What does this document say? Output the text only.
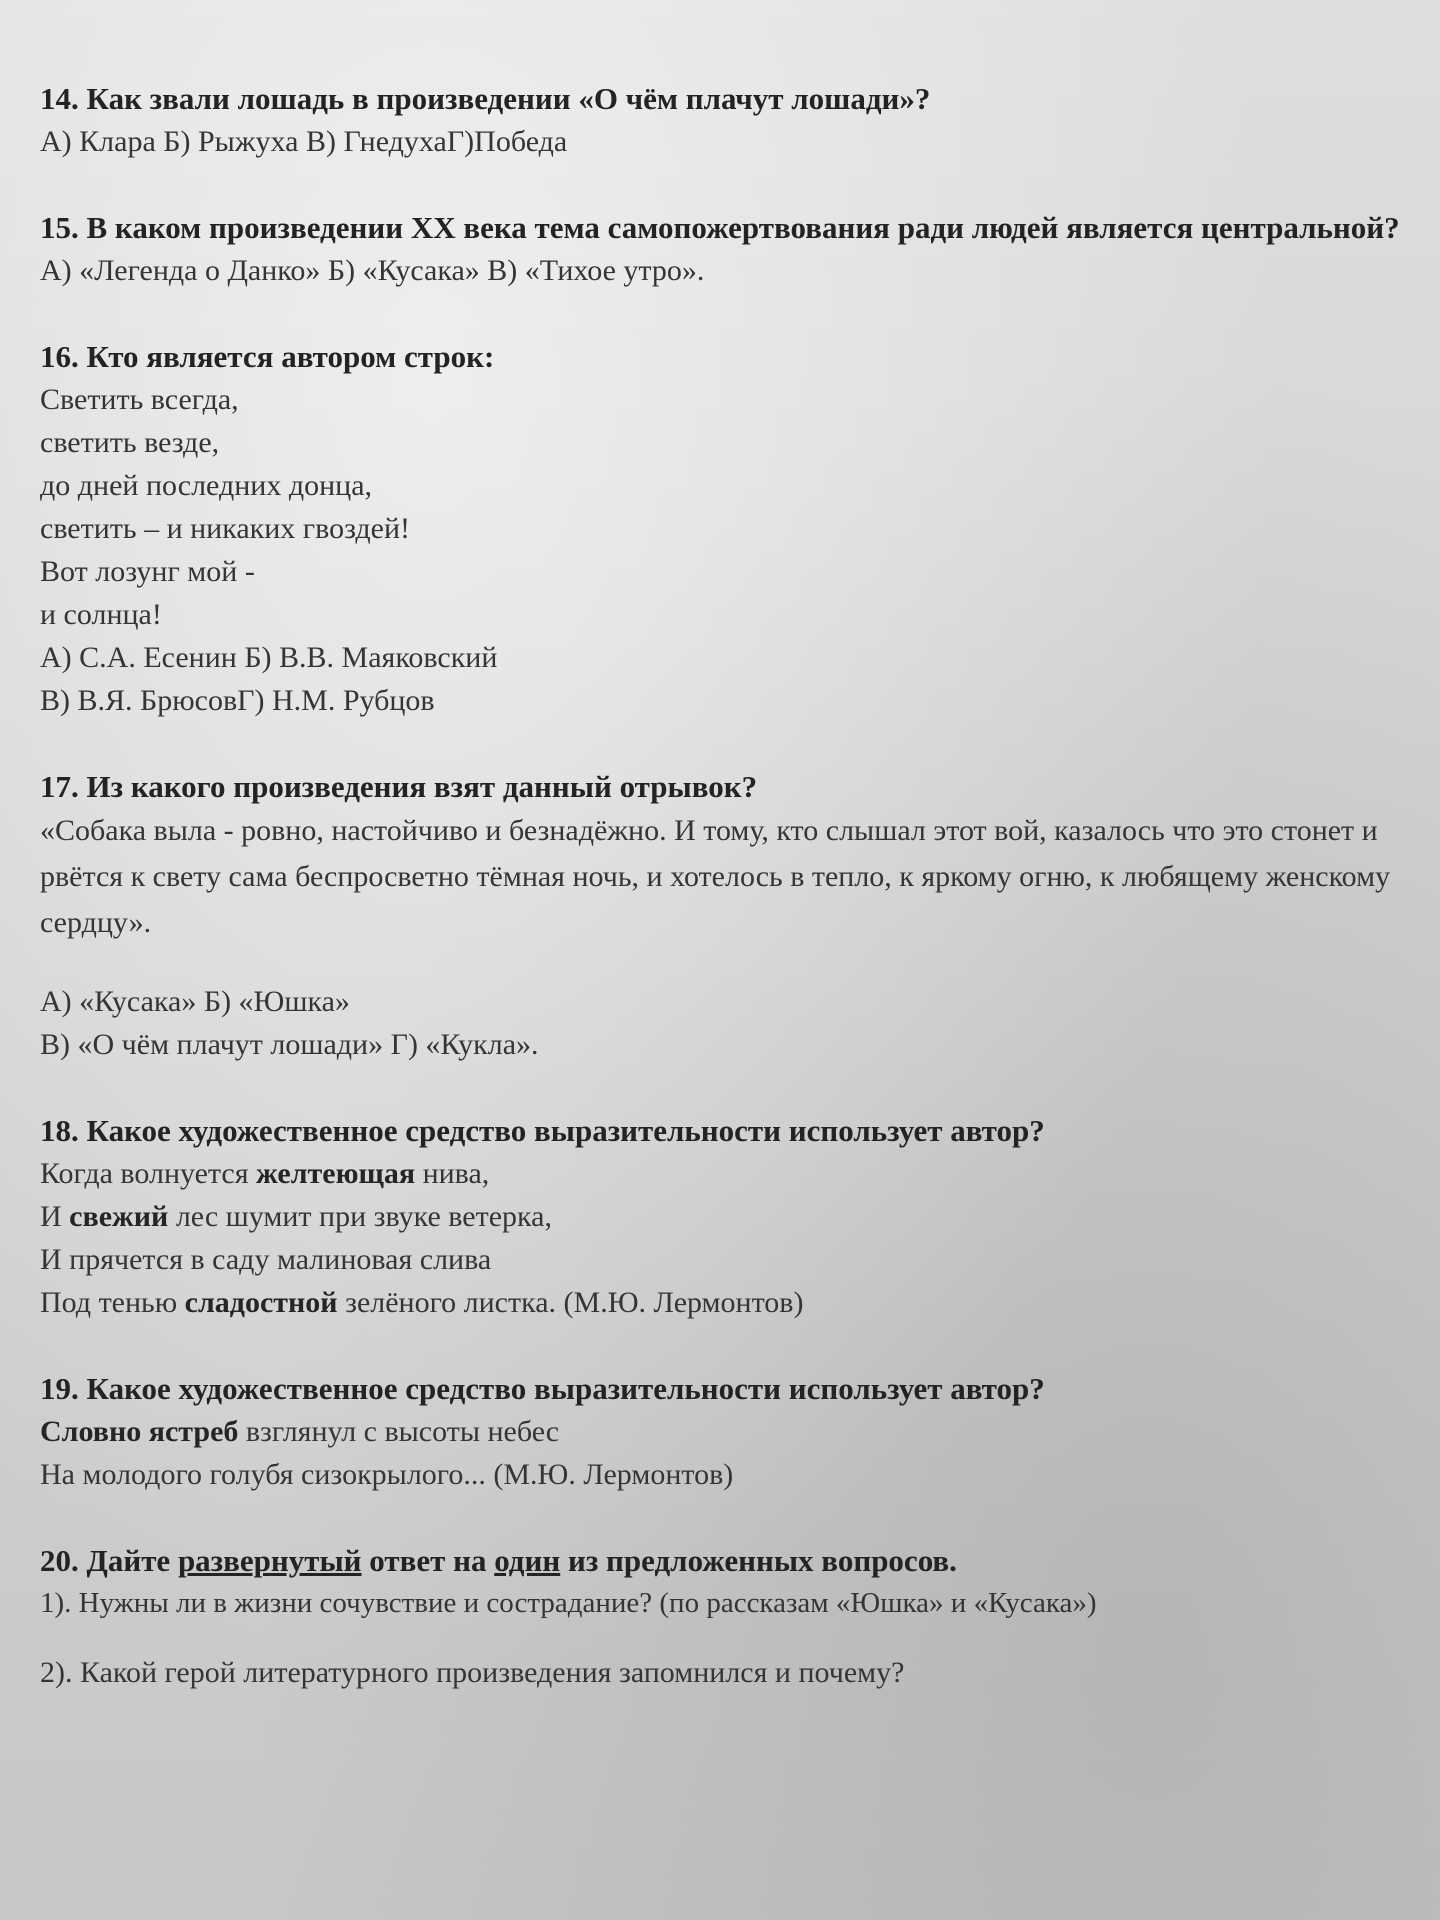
14. Как звали лошадь в произведении «О чём плачут лошади»?

А) Клара Б) Рыжуха В) ГнедухаГ)Победа

15. В каком произведении XX века тема самопожертвования ради людей является центральной?

А) «Легенда о Данко» Б) «Кусака» В) «Тихое утро».

16. Кто является автором строк:

Светить всегда,

светить везде,

до дней последних донца,

светить – и никаких гвоздей!

Вот лозунг мой -

и солнца!

А) С.А. Есенин Б) В.В. Маяковский

В) В.Я. БрюсовГ) Н.М. Рубцов

17. Из какого произведения взят данный отрывок?

«Собака выла - ровно, настойчиво и безнадёжно. И тому, кто слышал этот вой, казалось что это стонет и рвётся к свету сама беспросветно тёмная ночь, и хотелось в тепло, к яркому огню, к любящему женскому сердцу».

А) «Кусака» Б) «Юшка»

В) «О чём плачут лошади» Г) «Кукла».

18. Какое художественное средство выразительности использует автор?

Когда волнуется желтеющая нива,

И свежий лес шумит при звуке ветерка,

И прячется в саду малиновая слива

Под тенью сладостной зелёного листка. (М.Ю. Лермонтов)

19. Какое художественное средство выразительности использует автор?

Словно ястреб взглянул с высоты небес

На молодого голубя сизокрылого... (М.Ю. Лермонтов)

20. Дайте развернутый ответ на один из предложенных вопросов.

1). Нужны ли в жизни сочувствие и сострадание? (по рассказам «Юшка» и «Кусака»)

2). Какой герой литературного произведения запомнился и почему?
